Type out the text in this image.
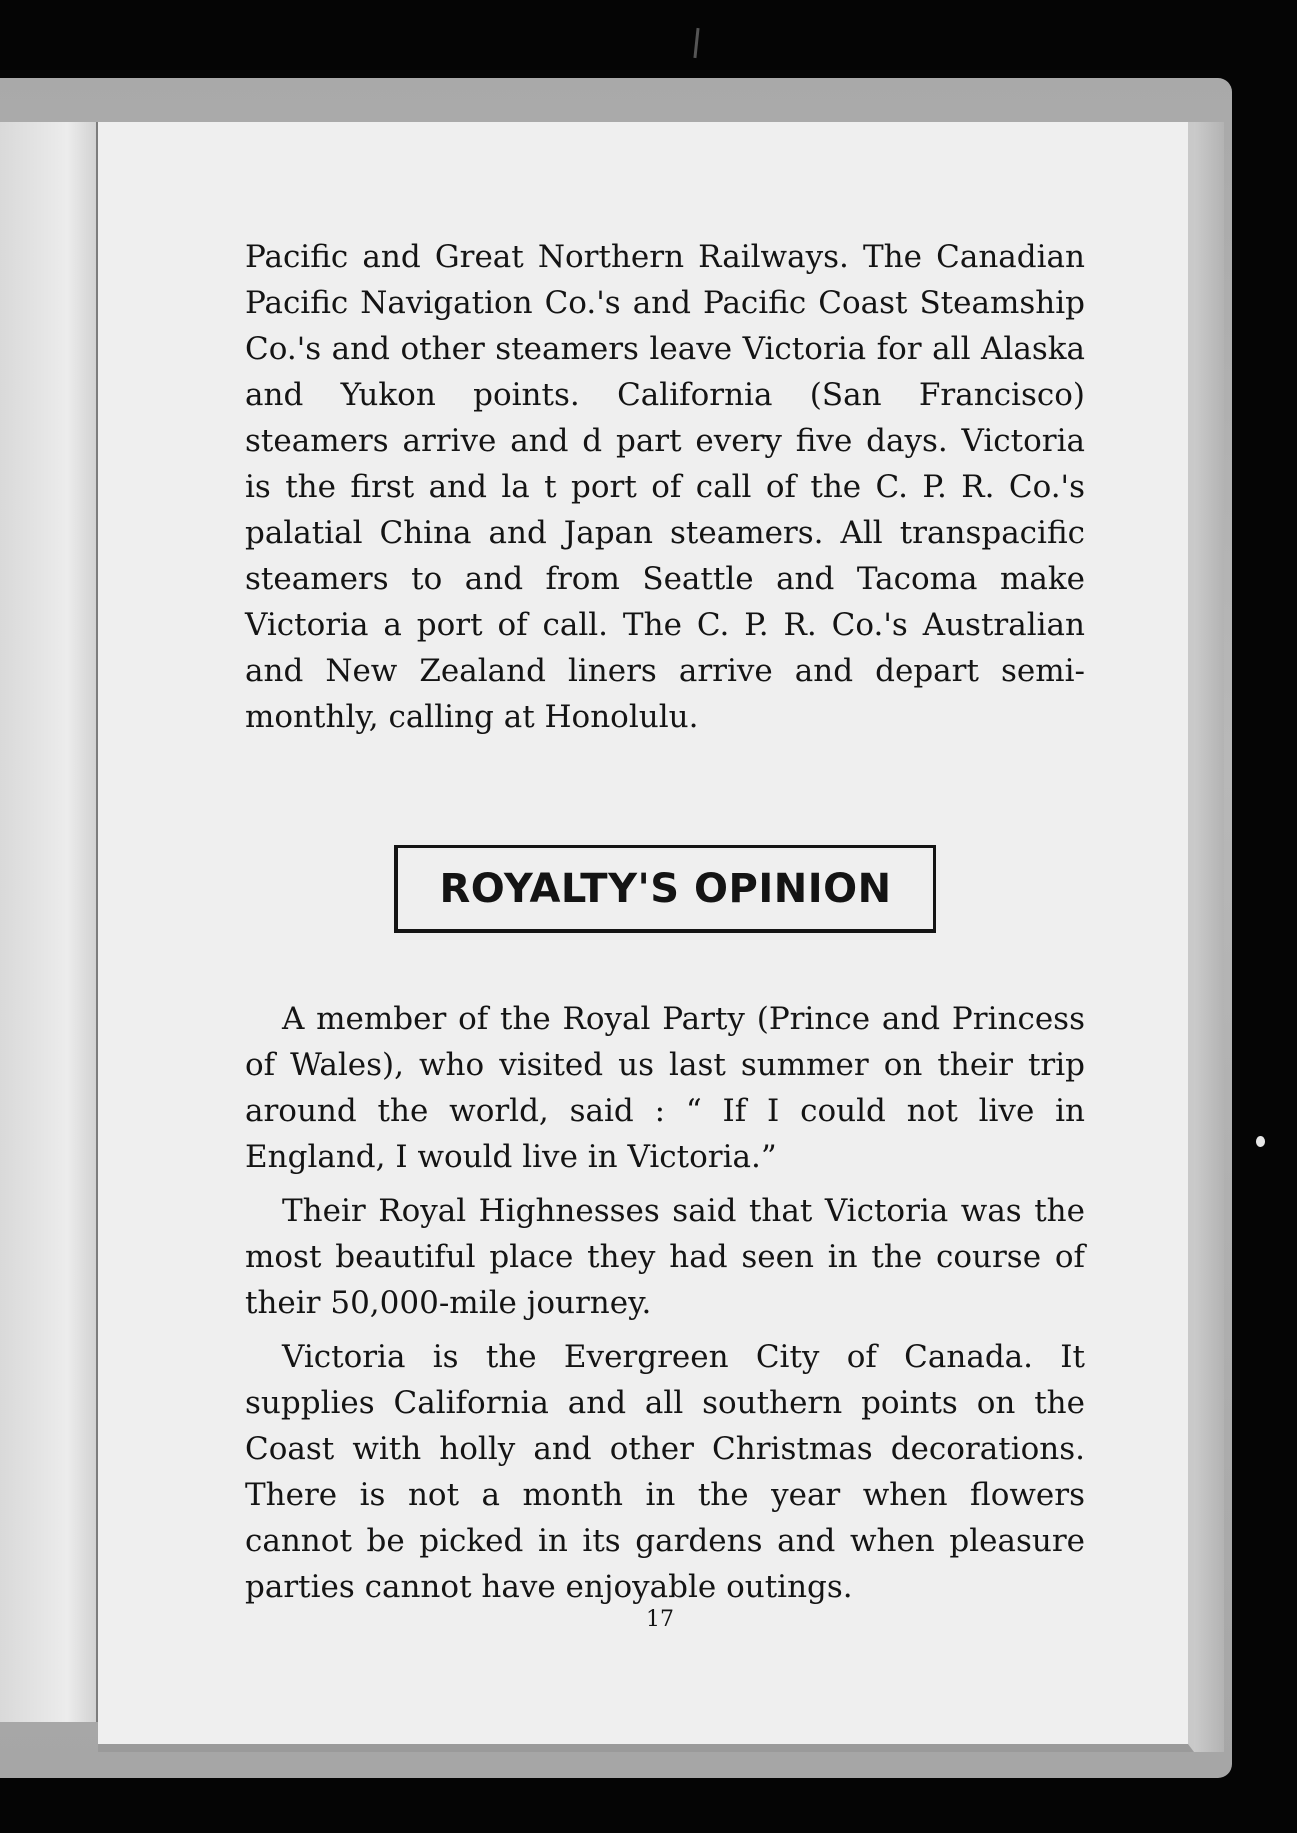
Pacific and Great Northern Railways. The Canadian Pacific Navigation Co.'s and Pacific Coast Steamship Co.'s and other steamers leave Victoria for all Alaska and Yukon points. California (San Francisco) steamers arrive and d part every five days. Victoria is the first and la t port of call of the C. P. R. Co.'s palatial China and Japan steamers. All transpacific steamers to and from Seattle and Tacoma make Victoria a port of call. The C. P. R. Co.'s Australian and New Zealand liners arrive and depart semi-monthly, calling at Honolulu.

ROYALTY'S OPINION

A member of the Royal Party (Prince and Princess of Wales), who visited us last summer on their trip around the world, said : “ If I could not live in England, I would live in Victoria.”

Their Royal Highnesses said that Victoria was the most beautiful place they had seen in the course of their 50,000-mile journey.

Victoria is the Evergreen City of Canada. It supplies California and all southern points on the Coast with holly and other Christmas decorations. There is not a month in the year when flowers cannot be picked in its gardens and when pleasure parties cannot have enjoyable outings.

17
